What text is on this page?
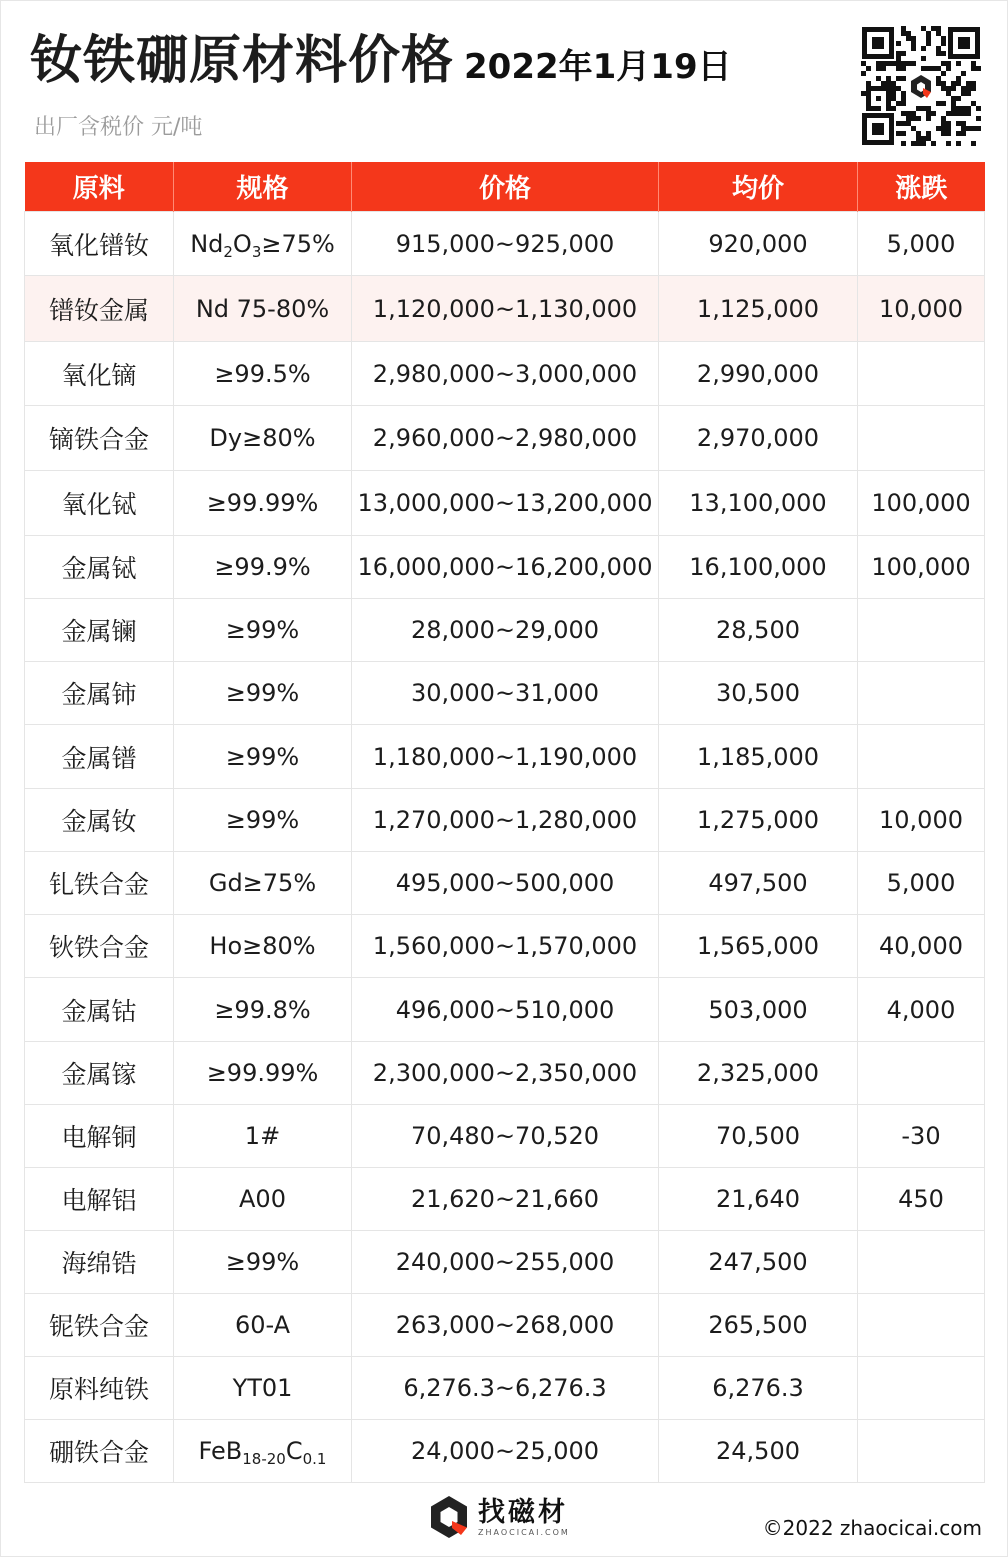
钕铁硼原材料价格 2022年1月19日
出厂含税价 元/吨
原料	规格	价格	均价	涨跌
氧化镨钕	$Nd_2O_3\ge 75\%$	915,000~925,000	920,000	5,000
镨钕金属	Nd 75-80%	1,120,000~1,130,000	1,125,000	10,000
氧化镝	≥99.5%	2,980,000~3,000,000	2,990,000	
镝铁合金	Dy≥80%	2,960,000~2,980,000	2,970,000	
氧化铽	≥99.99%	13,000,000~13,200,000	13,100,000	100,000
金属铽	≥99.9%	16,000,000~16,200,000	16,100,000	100,000
金属镧	≥99%	28,000~29,000	28,500	
金属铈	≥99%	30,000~31,000	30,500	
金属镨	≥99%	1,180,000~1,190,000	1,185,000	
金属钕	≥99%	1,270,000~1,280,000	1,275,000	10,000
钆铁合金	Gd≥75%	495,000~500,000	497,500	5,000
钬铁合金	Ho≥80%	1,560,000~1,570,000	1,565,000	40,000
金属钴	≥99.8%	496,000~510,000	503,000	4,000
金属镓	≥99.99%	2,300,000~2,350,000	2,325,000	
电解铜	1#	70,480~70,520	70,500	-30
电解铝	A00	21,620~21,660	21,640	450
海绵锆	≥99%	240,000~255,000	247,500	
铌铁合金	60-A	263,000~268,000	265,500	
原料纯铁	YT01	6,276.3~6,276.3	6,276.3	
硼铁合金	$FeB_{18-20}C_{0.1}$	24,000~25,000	24,500	
找磁材
ZHAOCICAI.COM	©2022 zhaocicai.com
